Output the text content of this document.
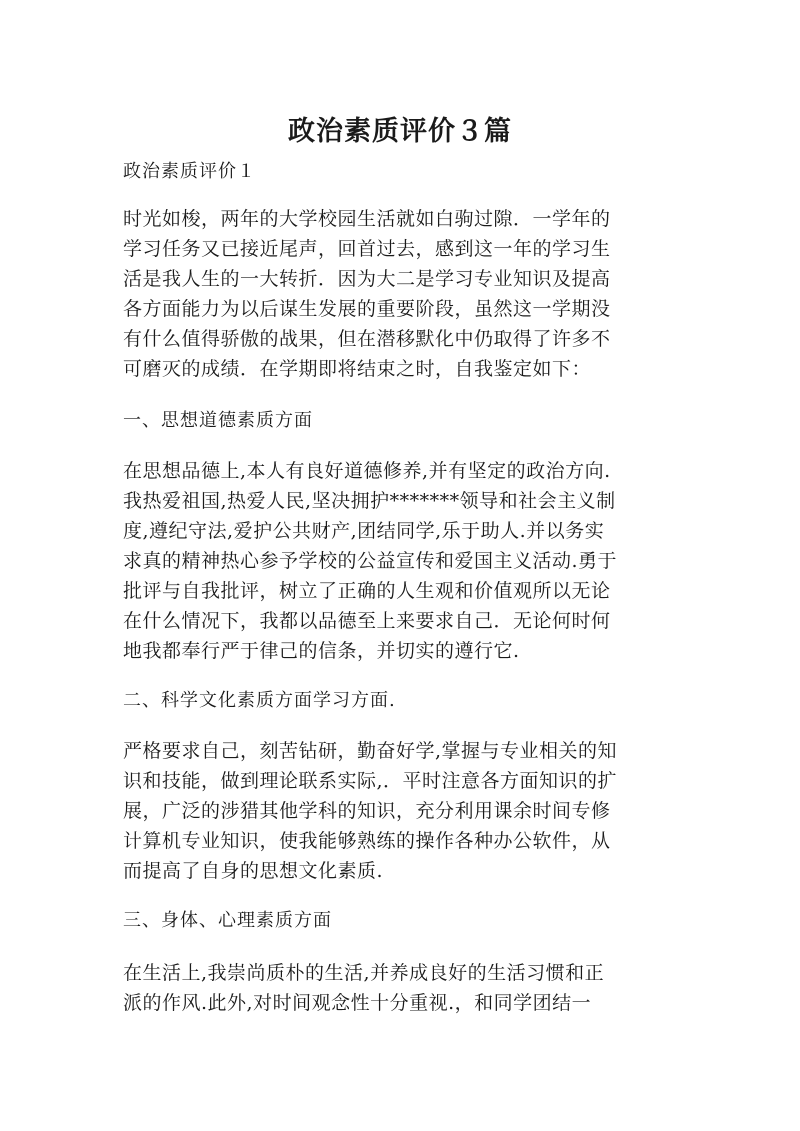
政治素质评价３篇
政治素质评价１
时光如梭，两年的大学校园生活就如白驹过隙．一学年的
学习任务又已接近尾声，回首过去，感到这一年的学习生
活是我人生的一大转折．因为大二是学习专业知识及提高
各方面能力为以后谋生发展的重要阶段，虽然这一学期没
有什么值得骄傲的战果，但在潜移默化中仍取得了许多不
可磨灭的成绩．在学期即将结束之时，自我鉴定如下：
一、思想道德素质方面
在思想品德上,本人有良好道德修养,并有坚定的政治方向.
我热爱祖国,热爱人民,坚决拥护*******领导和社会主义制
度,遵纪守法,爱护公共财产,团结同学,乐于助人.并以务实
求真的精神热心参予学校的公益宣传和爱国主义活动.勇于
批评与自我批评，树立了正确的人生观和价值观所以无论
在什么情况下，我都以品德至上来要求自己．无论何时何
地我都奉行严于律己的信条，并切实的遵行它.
二、科学文化素质方面学习方面.
严格要求自己，刻苦钻研，勤奋好学,掌握与专业相关的知
识和技能，做到理论联系实际,．平时注意各方面知识的扩
展，广泛的涉猎其他学科的知识，充分利用课余时间专修
计算机专业知识，使我能够熟练的操作各种办公软件，从
而提高了自身的思想文化素质.
三、身体、心理素质方面
在生活上,我崇尚质朴的生活,并养成良好的生活习惯和正
派的作风.此外,对时间观念性十分重视.，和同学团结一
